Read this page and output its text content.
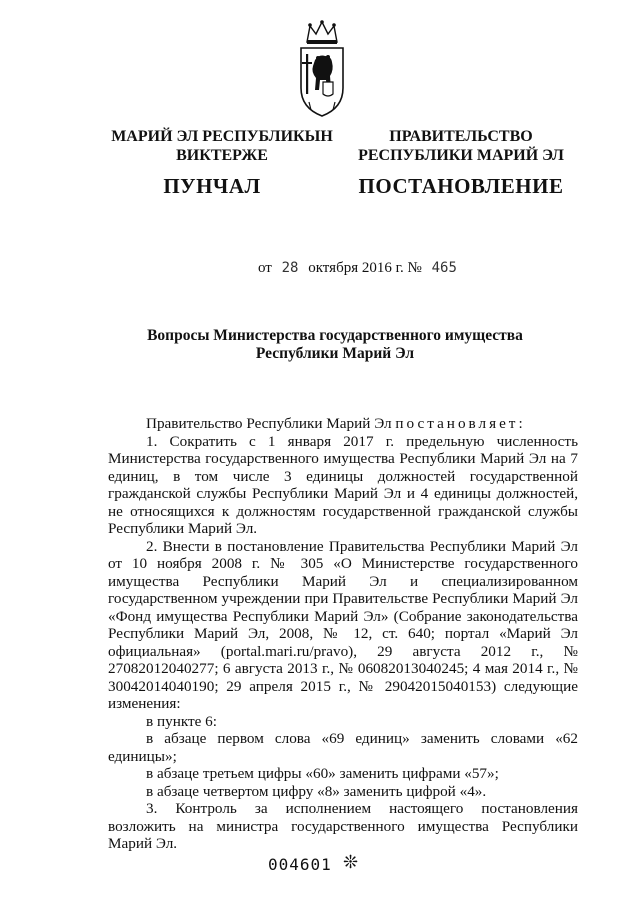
МАРИЙ ЭЛ РЕСПУБЛИКЫН
ВИКТЕРЖЕ
ПРАВИТЕЛЬСТВО
РЕСПУБЛИКИ МАРИЙ ЭЛ
ПУНЧАЛ	ПОСТАНОВЛЕНИЕ
от 28 октября 2016 г. № 465
Вопросы Министерства государственного имущества
Республики Марий Эл

Правительство Республики Марий Эл постановляет:

1. Сократить с 1 января 2017 г. предельную численность Министерства государственного имущества Республики Марий Эл на 7 единиц, в том числе 3 единицы должностей государственной гражданской службы Республики Марий Эл и 4 единицы должностей, не относящихся к должностям государственной гражданской службы Республики Марий Эл.

2. Внести в постановление Правительства Республики Марий Эл от 10 ноября 2008 г. № 305 «О Министерстве государственного имущества Республики Марий Эл и специализированном государственном учреждении при Правительстве Республики Марий Эл «Фонд имущества Республики Марий Эл» (Собрание законодательства Республики Марий Эл, 2008, № 12, ст. 640; портал «Марий Эл официальная» (portal.mari.ru/pravo), 29 августа 2012 г., № 27082012040277; 6 августа 2013 г., № 06082013040245; 4 мая 2014 г., № 30042014040190; 29 апреля 2015 г., № 29042015040153) следующие изменения:

в пункте 6:

в абзаце первом слова «69 единиц» заменить словами «62 единицы»;

в абзаце третьем цифры «60» заменить цифрами «57»;

в абзаце четвертом цифру «8» заменить цифрой «4».

3. Контроль за исполнением настоящего постановления возложить на министра государственного имущества Республики Марий Эл.

004601 ❊
